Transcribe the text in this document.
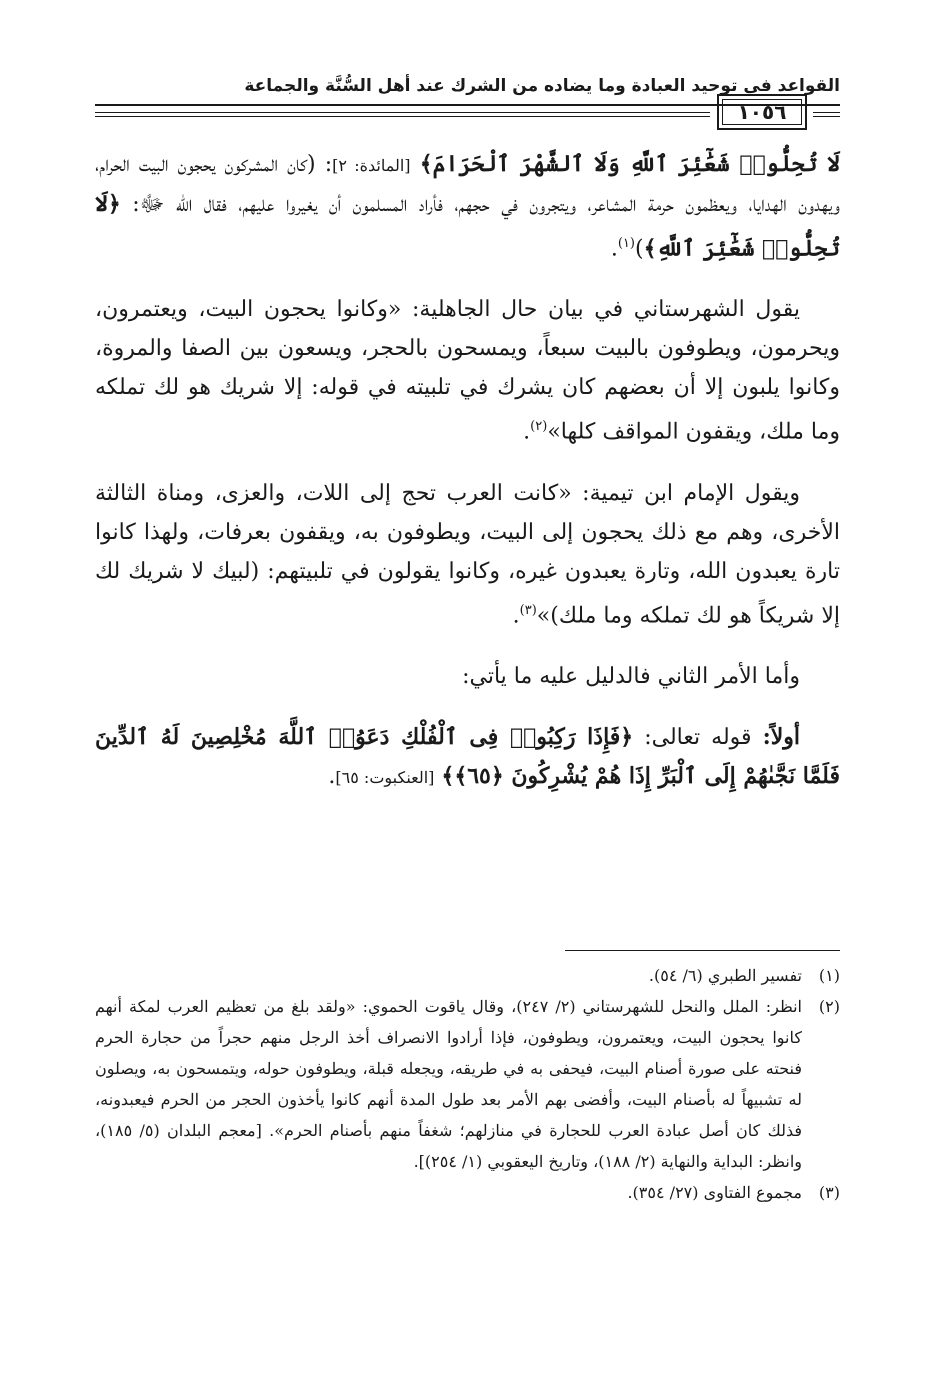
القواعد في توحيد العبادة وما يضاده من الشرك عند أهل السُّنَّة والجماعة
١٠٥٦

لَا تُحِلُّوا۟ شَعَٰٓئِرَ ٱللَّهِ وَلَا ٱلشَّهْرَ ٱلْحَرَامَ﴾ [المائدة: ٢]: (كان المشركون يحجون البيت الحرام، ويهدون الهدايا، ويعظمون حرمة المشاعر، ويتجرون في حجهم، فأراد المسلمون أن يغيروا عليهم، فقال الله ﷻ: ﴿لَا تُحِلُّوا۟ شَعَٰٓئِرَ ٱللَّهِ﴾)$^{(١)}$.

يقول الشهرستاني في بيان حال الجاهلية: «وكانوا يحجون البيت، ويعتمرون، ويحرمون، ويطوفون بالبيت سبعاً، ويمسحون بالحجر، ويسعون بين الصفا والمروة، وكانوا يلبون إلا أن بعضهم كان يشرك في تلبيته في قوله: إلا شريك هو لك تملكه وما ملك، ويقفون المواقف كلها»$^{(٢)}$.

ويقول الإمام ابن تيمية: «كانت العرب تحج إلى اللات، والعزى، ومناة الثالثة الأخرى، وهم مع ذلك يحجون إلى البيت، ويطوفون به، ويقفون بعرفات، ولهذا كانوا تارة يعبدون الله، وتارة يعبدون غيره، وكانوا يقولون في تلبيتهم: (لبيك لا شريك لك إلا شريكاً هو لك تملكه وما ملك)»$^{(٣)}$.

وأما الأمر الثاني فالدليل عليه ما يأتي:

أولاً: قوله تعالى: ﴿فَإِذَا رَكِبُوا۟ فِى ٱلْفُلْكِ دَعَوُا۟ ٱللَّهَ مُخْلِصِينَ لَهُ ٱلدِّينَ فَلَمَّا نَجَّىٰهُمْ إِلَى ٱلْبَرِّ إِذَا هُمْ يُشْرِكُونَ ﴿٦٥﴾﴾ [العنكبوت: ٦٥].

(١)
تفسير الطبري (٦/ ٥٤).
(٢)
انظر: الملل والنحل للشهرستاني (٢/ ٢٤٧)، وقال ياقوت الحموي: «ولقد بلغ من تعظيم العرب لمكة أنهم كانوا يحجون البيت، ويعتمرون، ويطوفون، فإذا أرادوا الانصراف أخذ الرجل منهم حجراً من حجارة الحرم فنحته على صورة أصنام البيت، فيحفى به في طريقه، ويجعله قبلة، ويطوفون حوله، ويتمسحون به، ويصلون له تشبيهاً له بأصنام البيت، وأفضى بهم الأمر بعد طول المدة أنهم كانوا يأخذون الحجر من الحرم فيعبدونه، فذلك كان أصل عبادة العرب للحجارة في منازلهم؛ شغفاً منهم بأصنام الحرم». [معجم البلدان (٥/ ١٨٥)، وانظر: البداية والنهاية (٢/ ١٨٨)، وتاريخ اليعقوبي (١/ ٢٥٤)].
(٣)
مجموع الفتاوى (٢٧/ ٣٥٤).
